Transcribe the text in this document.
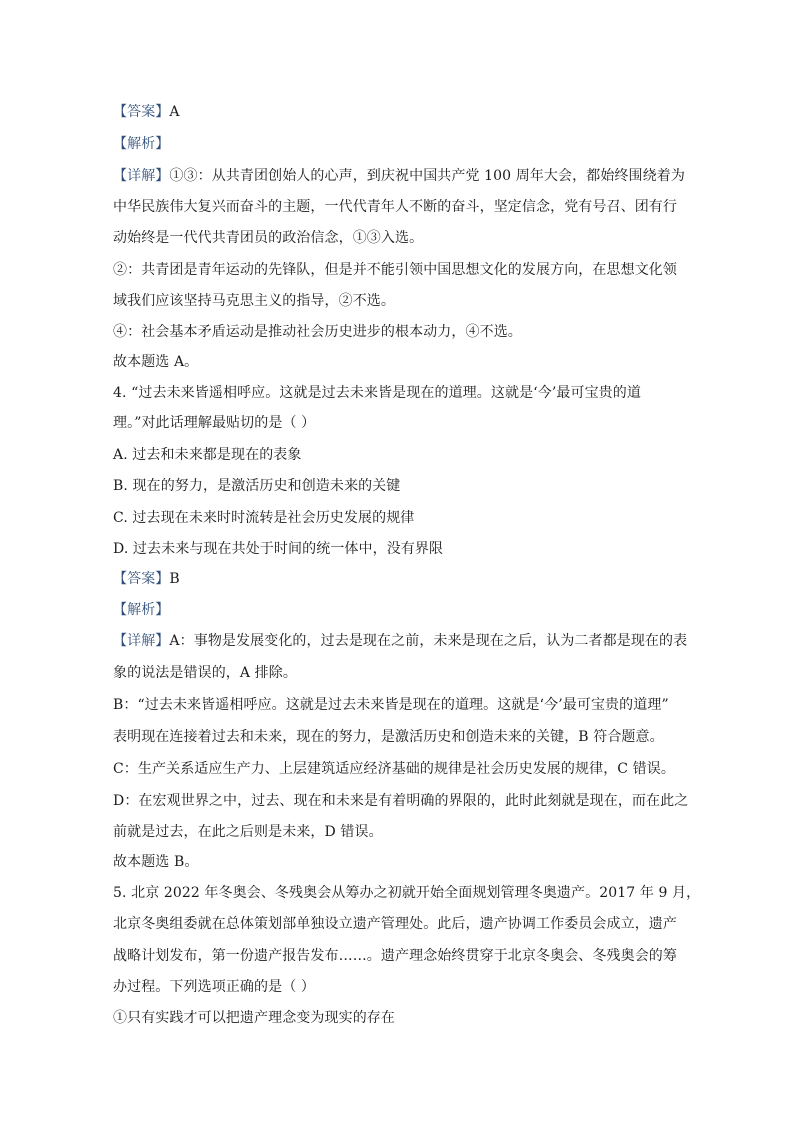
【答案】A
【解析】
【详解】①③：从共青团创始人的心声，到庆祝中国共产党 100 周年大会，都始终围绕着为
中华民族伟大复兴而奋斗的主题，一代代青年人不断的奋斗，坚定信念，党有号召、团有行
动始终是一代代共青团员的政治信念，①③入选。
②：共青团是青年运动的先锋队，但是并不能引领中国思想文化的发展方向，在思想文化领
域我们应该坚持马克思主义的指导，②不选。
④：社会基本矛盾运动是推动社会历史进步的根本动力，④不选。
故本题选 A。
4. “过去未来皆遥相呼应。这就是过去未来皆是现在的道理。这就是‘今’最可宝贵的道
理。”对此话理解最贴切的是（ ）
A. 过去和未来都是现在的表象
B. 现在的努力，是激活历史和创造未来的关键
C. 过去现在未来时时流转是社会历史发展的规律
D. 过去未来与现在共处于时间的统一体中，没有界限
【答案】B
【解析】
【详解】A：事物是发展变化的，过去是现在之前，未来是现在之后，认为二者都是现在的表
象的说法是错误的，A 排除。
B：“过去未来皆遥相呼应。这就是过去未来皆是现在的道理。这就是‘今’最可宝贵的道理”
表明现在连接着过去和未来，现在的努力，是激活历史和创造未来的关键，B 符合题意。
C：生产关系适应生产力、上层建筑适应经济基础的规律是社会历史发展的规律，C 错误。
D：在宏观世界之中，过去、现在和未来是有着明确的界限的，此时此刻就是现在，而在此之
前就是过去，在此之后则是未来，D 错误。
故本题选 B。
5. 北京 2022 年冬奥会、冬残奥会从筹办之初就开始全面规划管理冬奥遗产。2017 年 9 月，
北京冬奥组委就在总体策划部单独设立遗产管理处。此后，遗产协调工作委员会成立，遗产
战略计划发布，第一份遗产报告发布……。遗产理念始终贯穿于北京冬奥会、冬残奥会的筹
办过程。下列选项正确的是（ ）
①只有实践才可以把遗产理念变为现实的存在
